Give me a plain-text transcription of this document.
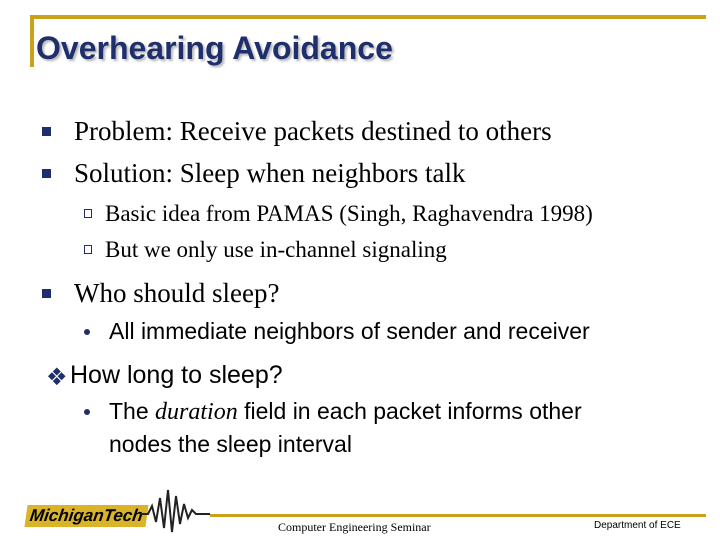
Overhearing Avoidance
Problem: Receive packets destined to others
Solution: Sleep when neighbors talk
Basic idea from PAMAS (Singh, Raghavendra 1998)
But we only use in-channel signaling
Who should sleep?
All immediate neighbors of sender and receiver
❖ How long to sleep?
The duration field in each packet informs other
nodes the sleep interval
MichiganTech
Computer Engineering Seminar	Department of ECE
